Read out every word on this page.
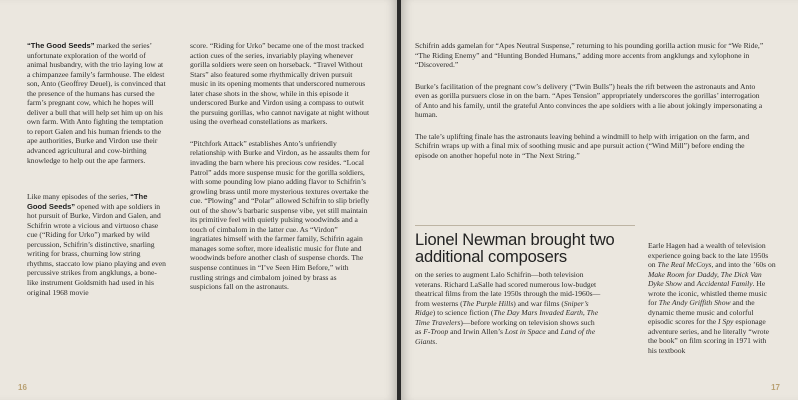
“The Good Seeds” marked the series’ unfortunate exploration of the world of animal husbandry, with the trio laying low at a chimpanzee family’s farmhouse. The eldest son, Anto (Geoffrey Deuel), is convinced that the presence of the humans has cursed the farm’s pregnant cow, which he hopes will deliver a bull that will help set him up on his own farm. With Anto fighting the temptation to report Galen and his human friends to the ape authorities, Burke and Virdon use their advanced agricultural and cow-birthing knowledge to help out the ape farmers.

Like many episodes of the series, “The Good Seeds” opened with ape soldiers in hot pursuit of Burke, Virdon and Galen, and Schifrin wrote a vicious and virtuoso chase cue (“Riding for Urko”) marked by wild percussion, Schifrin’s distinctive, snarling writing for brass, churning low string rhythms, staccato low piano playing and even percussive strikes from angklungs, a bone-like instrument Goldsmith had used in his original 1968 movie

score. “Riding for Urko” became one of the most tracked action cues of the series, invariably playing whenever gorilla soldiers were seen on horseback. “Travel Without Stars” also featured some rhythmically driven pursuit music in its opening moments that underscored numerous later chase shots in the show, while in this episode it underscored Burke and Virdon using a compass to outwit the pursuing gorillas, who cannot navigate at night without using the overhead constellations as markers.

“Pitchfork Attack” establishes Anto’s unfriendly relationship with Burke and Virdon, as he assaults them for invading the barn where his precious cow resides. “Local Patrol” adds more suspense music for the gorilla soldiers, with some pounding low piano adding flavor to Schifrin’s growling brass until more mysterious textures overtake the cue. “Plowing” and “Polar” allowed Schifrin to slip briefly out of the show’s barbaric suspense vibe, yet still maintain its primitive feel with quietly pulsing woodwinds and a touch of cimbalom in the latter cue. As “Virdon” ingratiates himself with the farmer family, Schifrin again manages some softer, more idealistic music for flute and woodwinds before another clash of suspense chords. The suspense continues in “I’ve Seen Him Before,” with rustling strings and cimbalom joined by brass as suspicions fall on the astronauts.

16

Schifrin adds gamelan for “Apes Neutral Suspense,” returning to his pounding gorilla action music for “We Ride,” “The Riding Enemy” and “Hunting Bonded Humans,” adding more accents from angklungs and xylophone in “Discovered.”

Burke’s facilitation of the pregnant cow’s delivery (“Twin Bulls”) heals the rift between the astronauts and Anto even as gorilla pursuers close in on the barn. “Apes Tension” appropriately underscores the gorillas’ interrogation of Anto and his family, until the grateful Anto convinces the ape soldiers with a lie about jokingly impersonating a human.

The tale’s uplifting finale has the astronauts leaving behind a windmill to help with irrigation on the farm, and Schifrin wraps up with a final mix of soothing music and ape pursuit action (“Wind Mill”) before ending the episode on another hopeful note in “The Next String.”

Lionel Newman brought two additional composers

on the series to augment Lalo Schifrin—both television veterans. Richard LaSalle had scored numerous low-budget theatrical films from the late 1950s through the mid-1960s—from westerns (The Purple Hills) and war films (Sniper’s Ridge) to science fiction (The Day Mars Invaded Earth, The Time Travelers)—before working on television shows such as F-Troop and Irwin Allen’s Lost in Space and Land of the Giants.

Earle Hagen had a wealth of television experience going back to the late 1950s on The Real McCoys, and into the ’60s on Make Room for Daddy, The Dick Van Dyke Show and Accidental Family. He wrote the iconic, whistled theme music for The Andy Griffith Show and the dynamic theme music and colorful episodic scores for the I Spy espionage adventure series, and he literally “wrote the book” on film scoring in 1971 with his textbook

17
